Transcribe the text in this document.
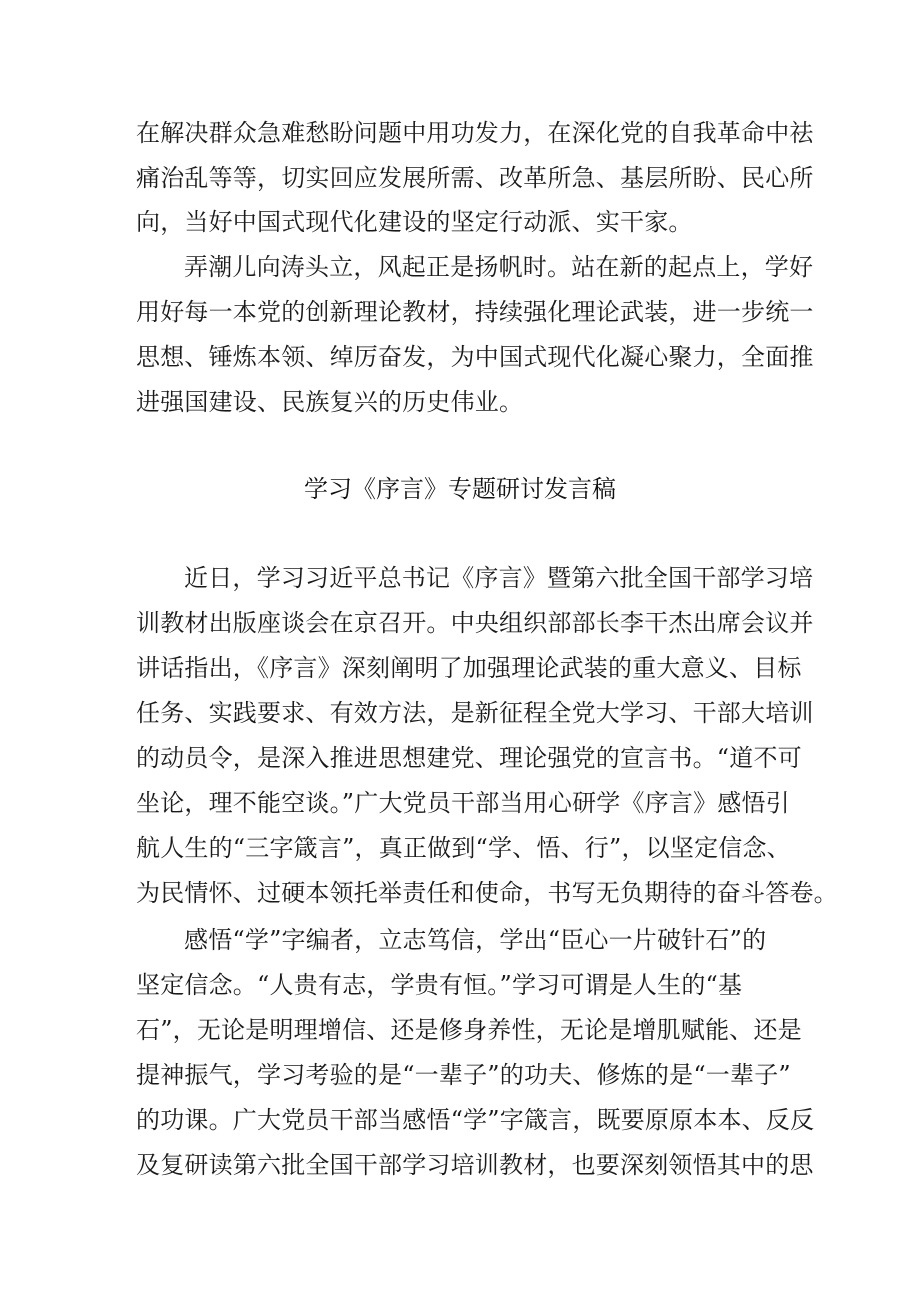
在解决群众急难愁盼问题中用功发力，在深化党的自我革命中祛
痛治乱等等，切实回应发展所需、改革所急、基层所盼、民心所
向，当好中国式现代化建设的坚定行动派、实干家。
弄潮儿向涛头立，风起正是扬帆时。站在新的起点上，学好
用好每一本党的创新理论教材，持续强化理论武装，进一步统一
思想、锤炼本领、绰厉奋发，为中国式现代化凝心聚力，全面推
进强国建设、民族复兴的历史伟业。
学习《序言》专题研讨发言稿
近日，学习习近平总书记《序言》暨第六批全国干部学习培
训教材出版座谈会在京召开。中央组织部部长李干杰出席会议并
讲话指出，《序言》深刻阐明了加强理论武装的重大意义、目标
任务、实践要求、有效方法，是新征程全党大学习、干部大培训
的动员令，是深入推进思想建党、理论强党的宣言书。“道不可
坐论，理不能空谈。”广大党员干部当用心研学《序言》感悟引
航人生的“三字箴言”，真正做到“学、悟、行”，以坚定信念、
为民情怀、过硬本领托举责任和使命，书写无负期待的奋斗答卷。
感悟“学”字编者，立志笃信，学出“臣心一片破针石”的
坚定信念。“人贵有志，学贵有恒。”学习可谓是人生的“基
石”，无论是明理增信、还是修身养性，无论是增肌赋能、还是
提神振气，学习考验的是“一辈子”的功夫、修炼的是“一辈子”
的功课。广大党员干部当感悟“学”字箴言，既要原原本本、反反
及复研读第六批全国干部学习培训教材，也要深刻领悟其中的思
